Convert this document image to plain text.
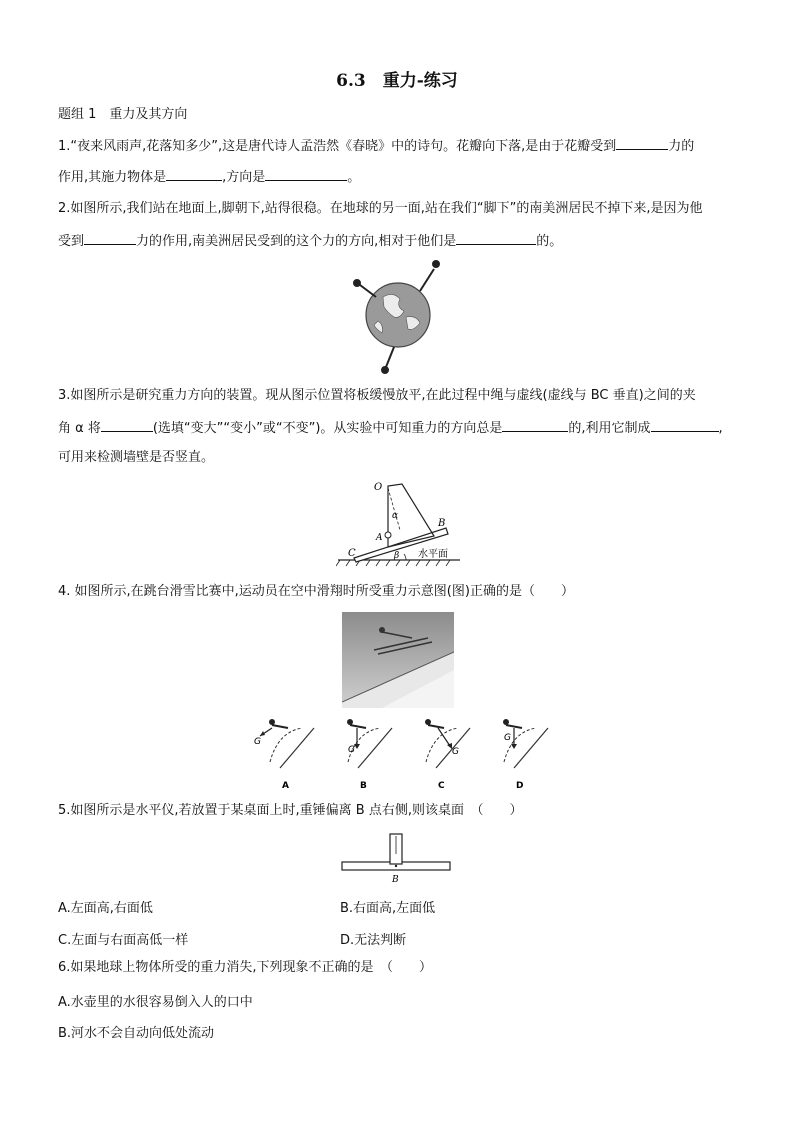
6.3　重力-练习
题组 1　重力及其方向
1.“夜来风雨声,花落知多少”,这是唐代诗人孟浩然《春晓》中的诗句。花瓣向下落,是由于花瓣受到	力的
作用,其施力物体是	,方向是	。
2.如图所示,我们站在地面上,脚朝下,站得很稳。在地球的另一面,站在我们“脚下”的南美洲居民不掉下来,是因为他
受到	力的作用,南美洲居民受到的这个力的方向,相对于他们是	的。
3.如图所示是研究重力方向的装置。现从图示位置将板缓慢放平,在此过程中绳与虚线(虚线与 BC 垂直)之间的夹
角 α 将	(选填“变大”“变小”或“不变”)。从实验中可知重力的方向总是	的,利用它制成	,
可用来检测墙壁是否竖直。
O
α
A
B
C	β 水平面
4. 如图所示,在跳台滑雪比赛中,运动员在空中滑翔时所受重力示意图(图)正确的是（　　）
G
A
G
B
G
C
G
D
5.如图所示是水平仪,若放置于某桌面上时,重锤偏离 B 点右侧,则该桌面　（　　）
B
A.左面高,右面低	B.右面高,左面低
C.左面与右面高低一样	D.无法判断
6.如果地球上物体所受的重力消失,下列现象不正确的是　（　　）
A.水壶里的水很容易倒入人的口中
B.河水不会自动向低处流动
